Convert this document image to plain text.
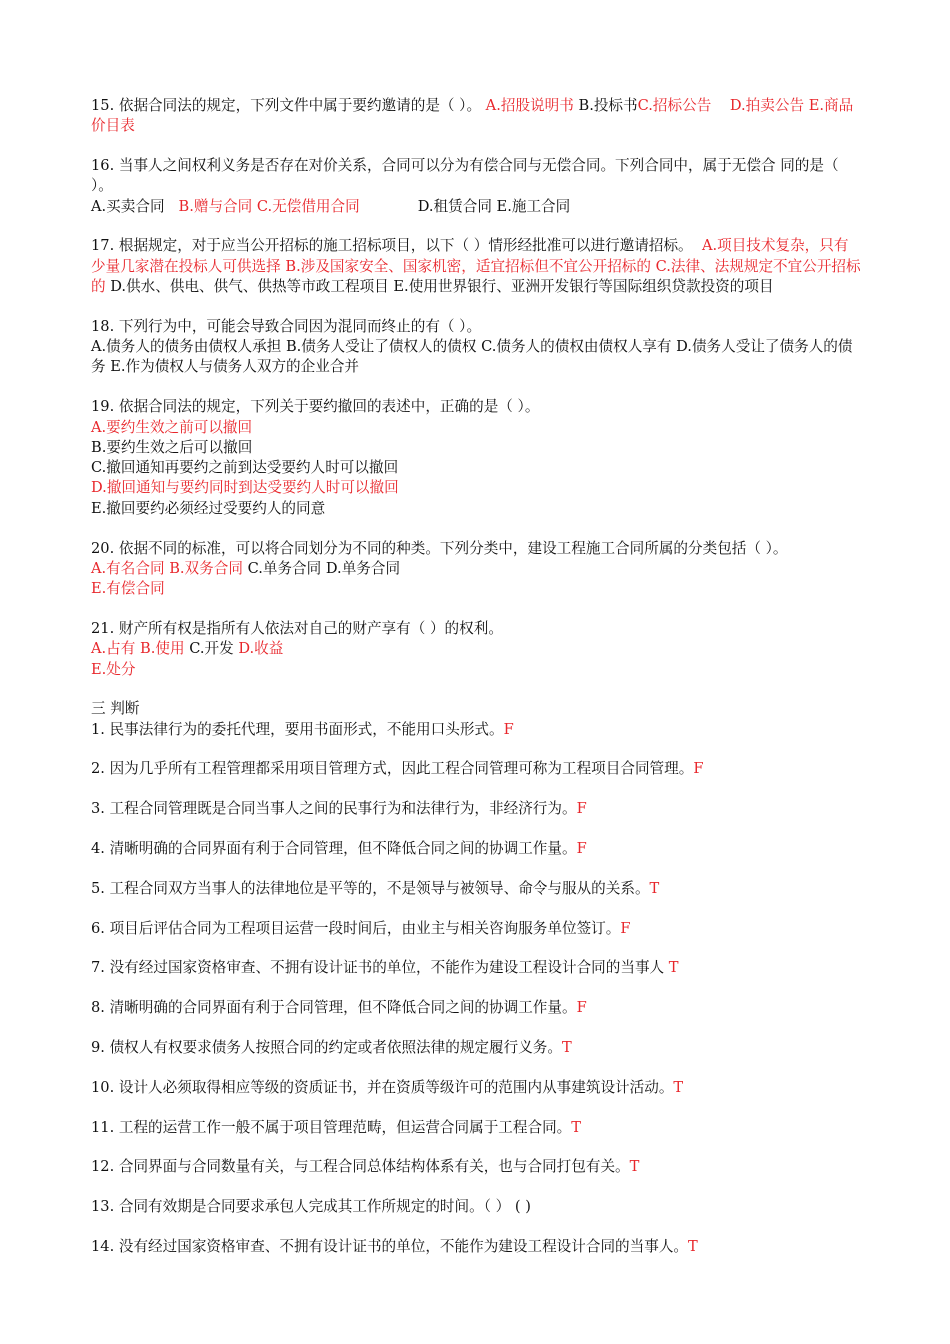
15. 依据合同法的规定，下列文件中属于要约邀请的是（ ）。 A.招股说明书 B.投标书C.招标公告 D.拍卖公告 E.商品价目表

16. 当事人之间权利义务是否存在对价关系，合同可以分为有偿合同与无偿合同。下列合同中，属于无偿合 同的是（ ）。

A.买卖合同   B.赠与合同 C.无偿借用合同	D.租赁合同 E.施工合同

17. 根据规定，对于应当公开招标的施工招标项目，以下（ ）情形经批准可以进行邀请招标。  A.项目技术复杂，只有少量几家潜在投标人可供选择 B.涉及国家安全、国家机密，适宜招标但不宜公开招标的 C.法律、法规规定不宜公开招标的 D.供水、供电、供气、供热等市政工程项目 E.使用世界银行、亚洲开发银行等国际组织贷款投资的项目

18. 下列行为中，可能会导致合同因为混同而终止的有（ ）。

A.债务人的债务由债权人承担 B.债务人受让了债权人的债权 C.债务人的债权由债权人享有 D.债务人受让了债务人的债务 E.作为债权人与债务人双方的企业合并

19. 依据合同法的规定，下列关于要约撤回的表述中，正确的是（ ）。

A.要约生效之前可以撤回

B.要约生效之后可以撤回

C.撤回通知再要约之前到达受要约人时可以撤回

D.撤回通知与要约同时到达受要约人时可以撤回

E.撤回要约必须经过受要约人的同意

20. 依据不同的标准，可以将合同划分为不同的种类。下列分类中，建设工程施工合同所属的分类包括（ ）。

A.有名合同 B.双务合同 C.单务合同 D.单务合同

E.有偿合同

21. 财产所有权是指所有人依法对自己的财产享有（ ）的权利。

A.占有 B.使用 C.开发 D.收益

E.处分

三 判断

1. 民事法律行为的委托代理，要用书面形式，不能用口头形式。F

2. 因为几乎所有工程管理都采用项目管理方式，因此工程合同管理可称为工程项目合同管理。F

3. 工程合同管理既是合同当事人之间的民事行为和法律行为，非经济行为。F

4. 清晰明确的合同界面有利于合同管理，但不降低合同之间的协调工作量。F

5. 工程合同双方当事人的法律地位是平等的，不是领导与被领导、命令与服从的关系。T

6. 项目后评估合同为工程项目运营一段时间后，由业主与相关咨询服务单位签订。F

7. 没有经过国家资格审查、不拥有设计证书的单位，不能作为建设工程设计合同的当事人 T

8. 清晰明确的合同界面有利于合同管理，但不降低合同之间的协调工作量。F

9. 债权人有权要求债务人按照合同的约定或者依照法律的规定履行义务。T

10. 设计人必须取得相应等级的资质证书，并在资质等级许可的范围内从事建筑设计活动。T

11. 工程的运营工作一般不属于项目管理范畴，但运营合同属于工程合同。T

12. 合同界面与合同数量有关，与工程合同总体结构体系有关，也与合同打包有关。T

13. 合同有效期是合同要求承包人完成其工作所规定的时间。（ ） ( )

14. 没有经过国家资格审查、不拥有设计证书的单位，不能作为建设工程设计合同的当事人。T
